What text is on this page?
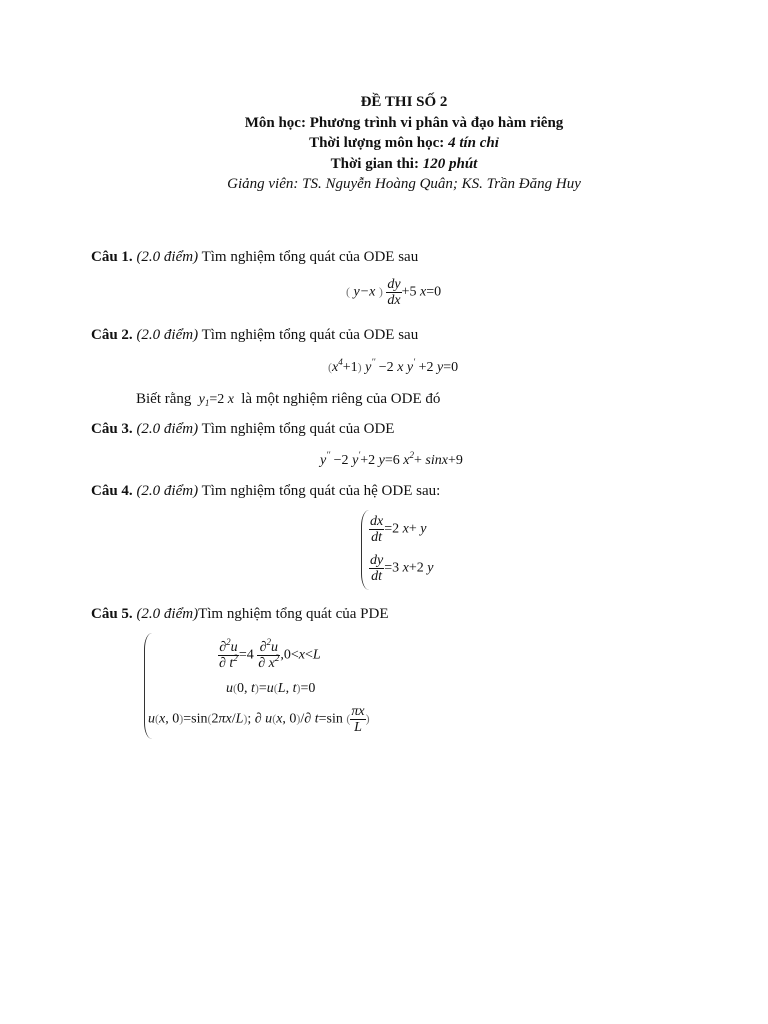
ĐỀ THI SỐ 2
Môn học: Phương trình vi phân và đạo hàm riêng
Thời lượng môn học: 4 tín chỉ
Thời gian thi: 120 phút
Giảng viên: TS. Nguyễn Hoàng Quân; KS. Trần Đăng Huy
Câu 1. (2.0 điểm) Tìm nghiệm tổng quát của ODE sau
( y−x ) $\frac{dy}{dx} +5$ x=0
Câu 2. (2.0 điểm) Tìm nghiệm tổng quát của ODE sau
$(x^4+1)$ y′′ −2 x y′ +2 y=0
Biết rằng  $y_1=2$ x  là một nghiệm riêng của ODE đó
Câu 3. (2.0 điểm) Tìm nghiệm tổng quát của ODE
y′′ −2 y′+2 y=6 $x^2+ \sin x+9$
Câu 4. (2.0 điểm) Tìm nghiệm tổng quát của hệ ODE sau:
$\frac{dx}{dt} =2$ x+ y
$\frac{dy}{dt} =3$ x+2 y
Câu 5. (2.0 điểm)Tìm nghiệm tổng quát của PDE
$\frac{\partial^2u}{\partial t^2} =4 \frac{\partial^2u}{\partial x^2} ,0<x<L$
u(0, t)=u(L, t)=0
u(x, 0)=sin(2πx/L); ∂ u(x, 0)/∂ t=sin ( $\frac{\pi x}{L}$ )
